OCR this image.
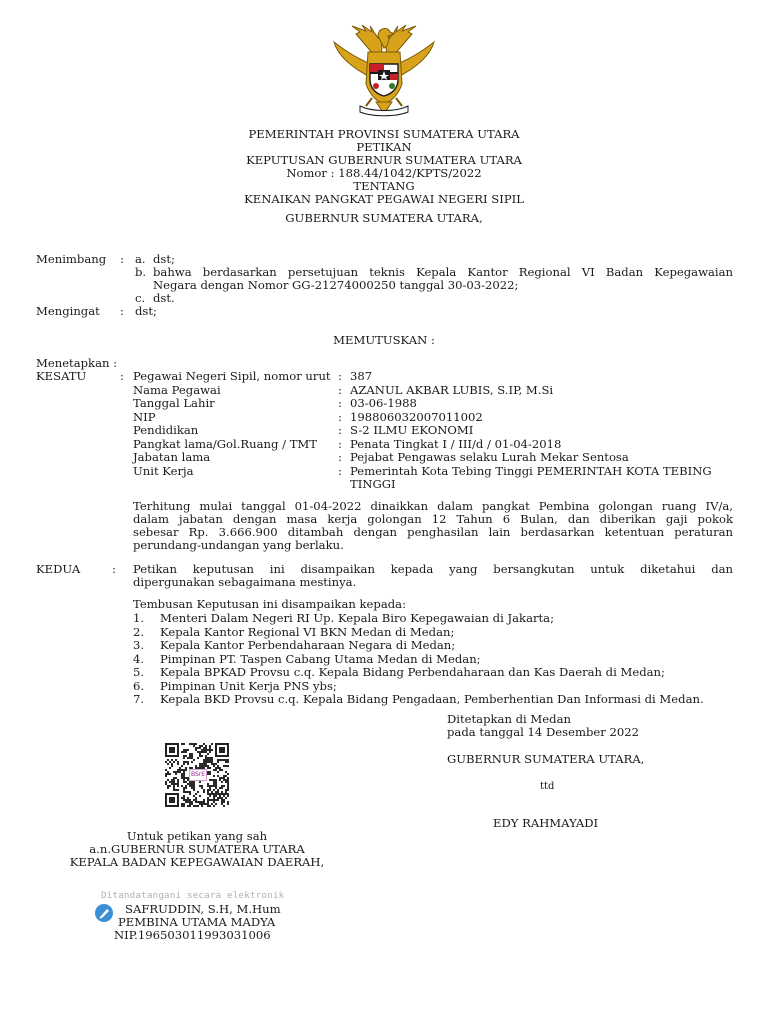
PEMERINTAH PROVINSI SUMATERA UTARA
PETIKAN
KEPUTUSAN GUBERNUR SUMATERA UTARA
Nomor : 188.44/1042/KPTS/2022
TENTANG
KENAIKAN PANGKAT PEGAWAI NEGERI SIPIL
GUBERNUR SUMATERA UTARA,
Menimbang : a. dst;
b. bahwa berdasarkan persetujuan teknis Kepala Kantor Regional VI Badan Kepegawaian
Negara dengan Nomor GG-21274000250 tanggal 30-03-2022;
c. dst.
Mengingat : dst;
MEMUTUSKAN :
Menetapkan :
KESATU	: Pegawai Negeri Sipil, nomor urut : 387
Nama Pegawai	: AZANUL AKBAR LUBIS, S.IP, M.Si
Tanggal Lahir	: 03-06-1988
NIP	: 198806032007011002
Pendidikan	: S-2 ILMU EKONOMI
Pangkat lama/Gol.Ruang / TMT	: Penata Tingkat I / III/d / 01-04-2018
Jabatan lama	: Pejabat Pengawas selaku Lurah Mekar Sentosa
Unit Kerja	: Pemerintah Kota Tebing Tinggi PEMERINTAH KOTA TEBING
TINGGI
Terhitung mulai tanggal 01-04-2022 dinaikkan dalam pangkat Pembina golongan ruang IV/a,
dalam jabatan dengan masa kerja golongan 12 Tahun 6 Bulan, dan diberikan gaji pokok
sebesar Rp. 3.666.900 ditambah dengan penghasilan lain berdasarkan ketentuan peraturan
perundang-undangan yang berlaku.
KEDUA	: Petikan keputusan ini disampaikan kepada yang bersangkutan untuk diketahui dan
dipergunakan sebagaimana mestinya.
Tembusan Keputusan ini disampaikan kepada:
1.	Menteri Dalam Negeri RI Up. Kepala Biro Kepegawaian di Jakarta;
2.	Kepala Kantor Regional VI BKN Medan di Medan;
3.	Kepala Kantor Perbendaharaan Negara di Medan;
4.	Pimpinan PT. Taspen Cabang Utama Medan di Medan;
5.	Kepala BPKAD Provsu c.q. Kepala Bidang Perbendaharaan dan Kas Daerah di Medan;
6.	Pimpinan Unit Kerja PNS ybs;
7.	Kepala BKD Provsu c.q. Kepala Bidang Pengadaan, Pemberhentian Dan Informasi di Medan.
Ditetapkan di Medan
pada tanggal 14 Desember 2022
GUBERNUR SUMATERA UTARA,
ttd
EDY RAHMAYADI
BSrE
Untuk petikan yang sah
a.n.GUBERNUR SUMATERA UTARA
KEPALA BADAN KEPEGAWAIAN DAERAH,
Ditandatangani secara elektronik
SAFRUDDIN, S.H, M.Hum
PEMBINA UTAMA MADYA
NIP.196503011993031006
